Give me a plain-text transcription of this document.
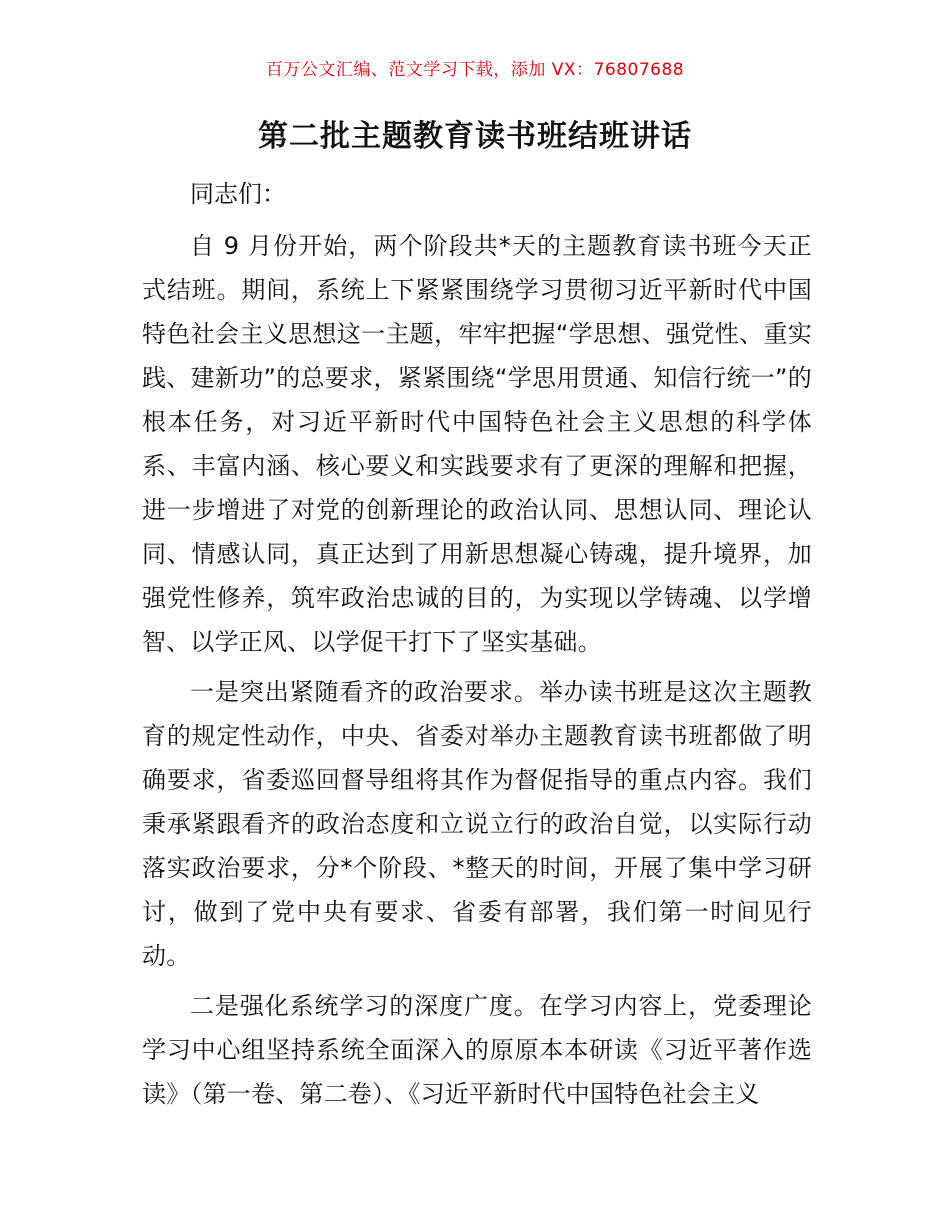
百万公文汇编、范文学习下载，添加 VX：76807688
第二批主题教育读书班结班讲话
同志们：

自 9 月份开始，两个阶段共*天的主题教育读书班今天正式结班。期间，系统上下紧紧围绕学习贯彻习近平新时代中国特色社会主义思想这一主题，牢牢把握“学思想、强党性、重实践、建新功”的总要求，紧紧围绕“学思用贯通、知信行统一”的根本任务，对习近平新时代中国特色社会主义思想的科学体系、丰富内涵、核心要义和实践要求有了更深的理解和把握，进一步增进了对党的创新理论的政治认同、思想认同、理论认同、情感认同，真正达到了用新思想凝心铸魂，提升境界，加强党性修养，筑牢政治忠诚的目的，为实现以学铸魂、以学增智、以学正风、以学促干打下了坚实基础。

一是突出紧随看齐的政治要求。举办读书班是这次主题教育的规定性动作，中央、省委对举办主题教育读书班都做了明确要求，省委巡回督导组将其作为督促指导的重点内容。我们秉承紧跟看齐的政治态度和立说立行的政治自觉，以实际行动落实政治要求，分*个阶段、*整天的时间，开展了集中学习研讨，做到了党中央有要求、省委有部署，我们第一时间见行动。

二是强化系统学习的深度广度。在学习内容上，党委理论学习中心组坚持系统全面深入的原原本本研读《习近平著作选读》（第一卷、第二卷）、《习近平新时代中国特色社会主义
